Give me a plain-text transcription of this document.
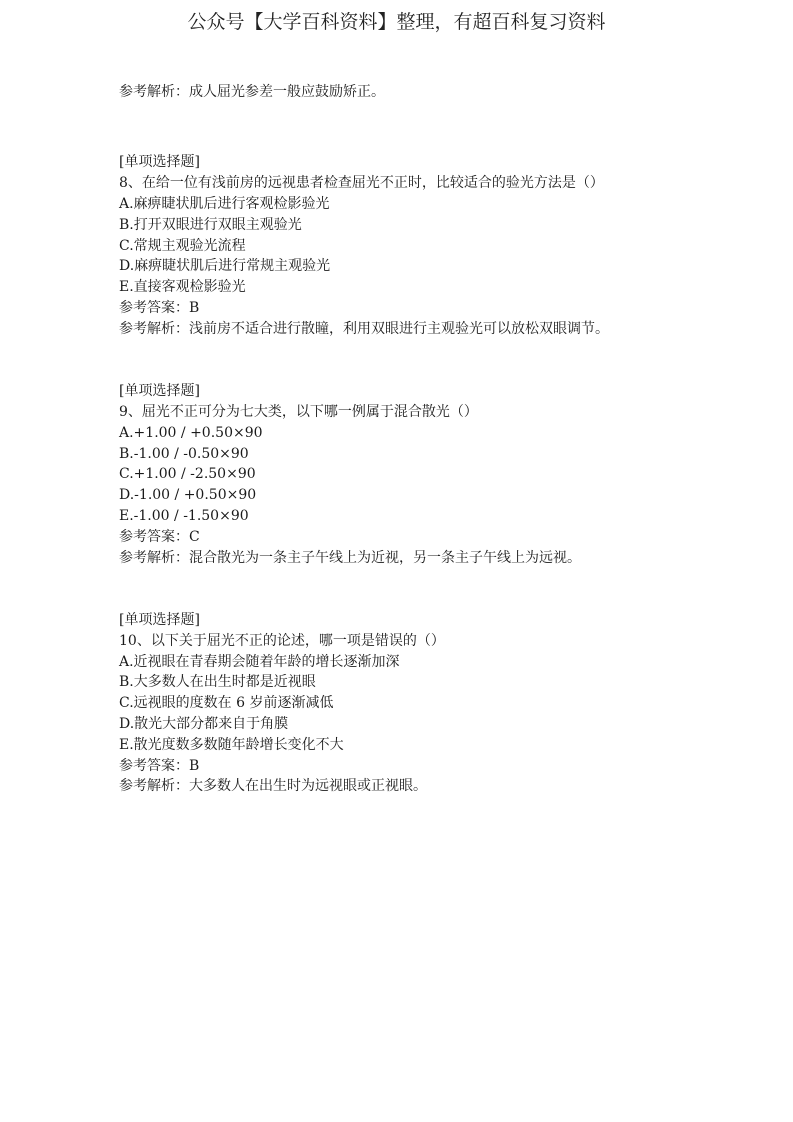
公众号【大学百科资料】整理，有超百科复习资料

参考解析：成人屈光参差一般应鼓励矫正。

[单项选择题]

8、在给一位有浅前房的远视患者检查屈光不正时，比较适合的验光方法是（）

A.麻痹睫状肌后进行客观检影验光

B.打开双眼进行双眼主观验光

C.常规主观验光流程

D.麻痹睫状肌后进行常规主观验光

E.直接客观检影验光

参考答案：B

参考解析：浅前房不适合进行散瞳，利用双眼进行主观验光可以放松双眼调节。

[单项选择题]

9、屈光不正可分为七大类，以下哪一例属于混合散光（）

A.+1.00 / +0.50×90

B.-1.00 / -0.50×90

C.+1.00 / -2.50×90

D.-1.00 / +0.50×90

E.-1.00 / -1.50×90

参考答案：C

参考解析：混合散光为一条主子午线上为近视，另一条主子午线上为远视。

[单项选择题]

10、以下关于屈光不正的论述，哪一项是错误的（）

A.近视眼在青春期会随着年龄的增长逐渐加深

B.大多数人在出生时都是近视眼

C.远视眼的度数在 6 岁前逐渐减低

D.散光大部分都来自于角膜

E.散光度数多数随年龄增长变化不大

参考答案：B

参考解析：大多数人在出生时为远视眼或正视眼。
